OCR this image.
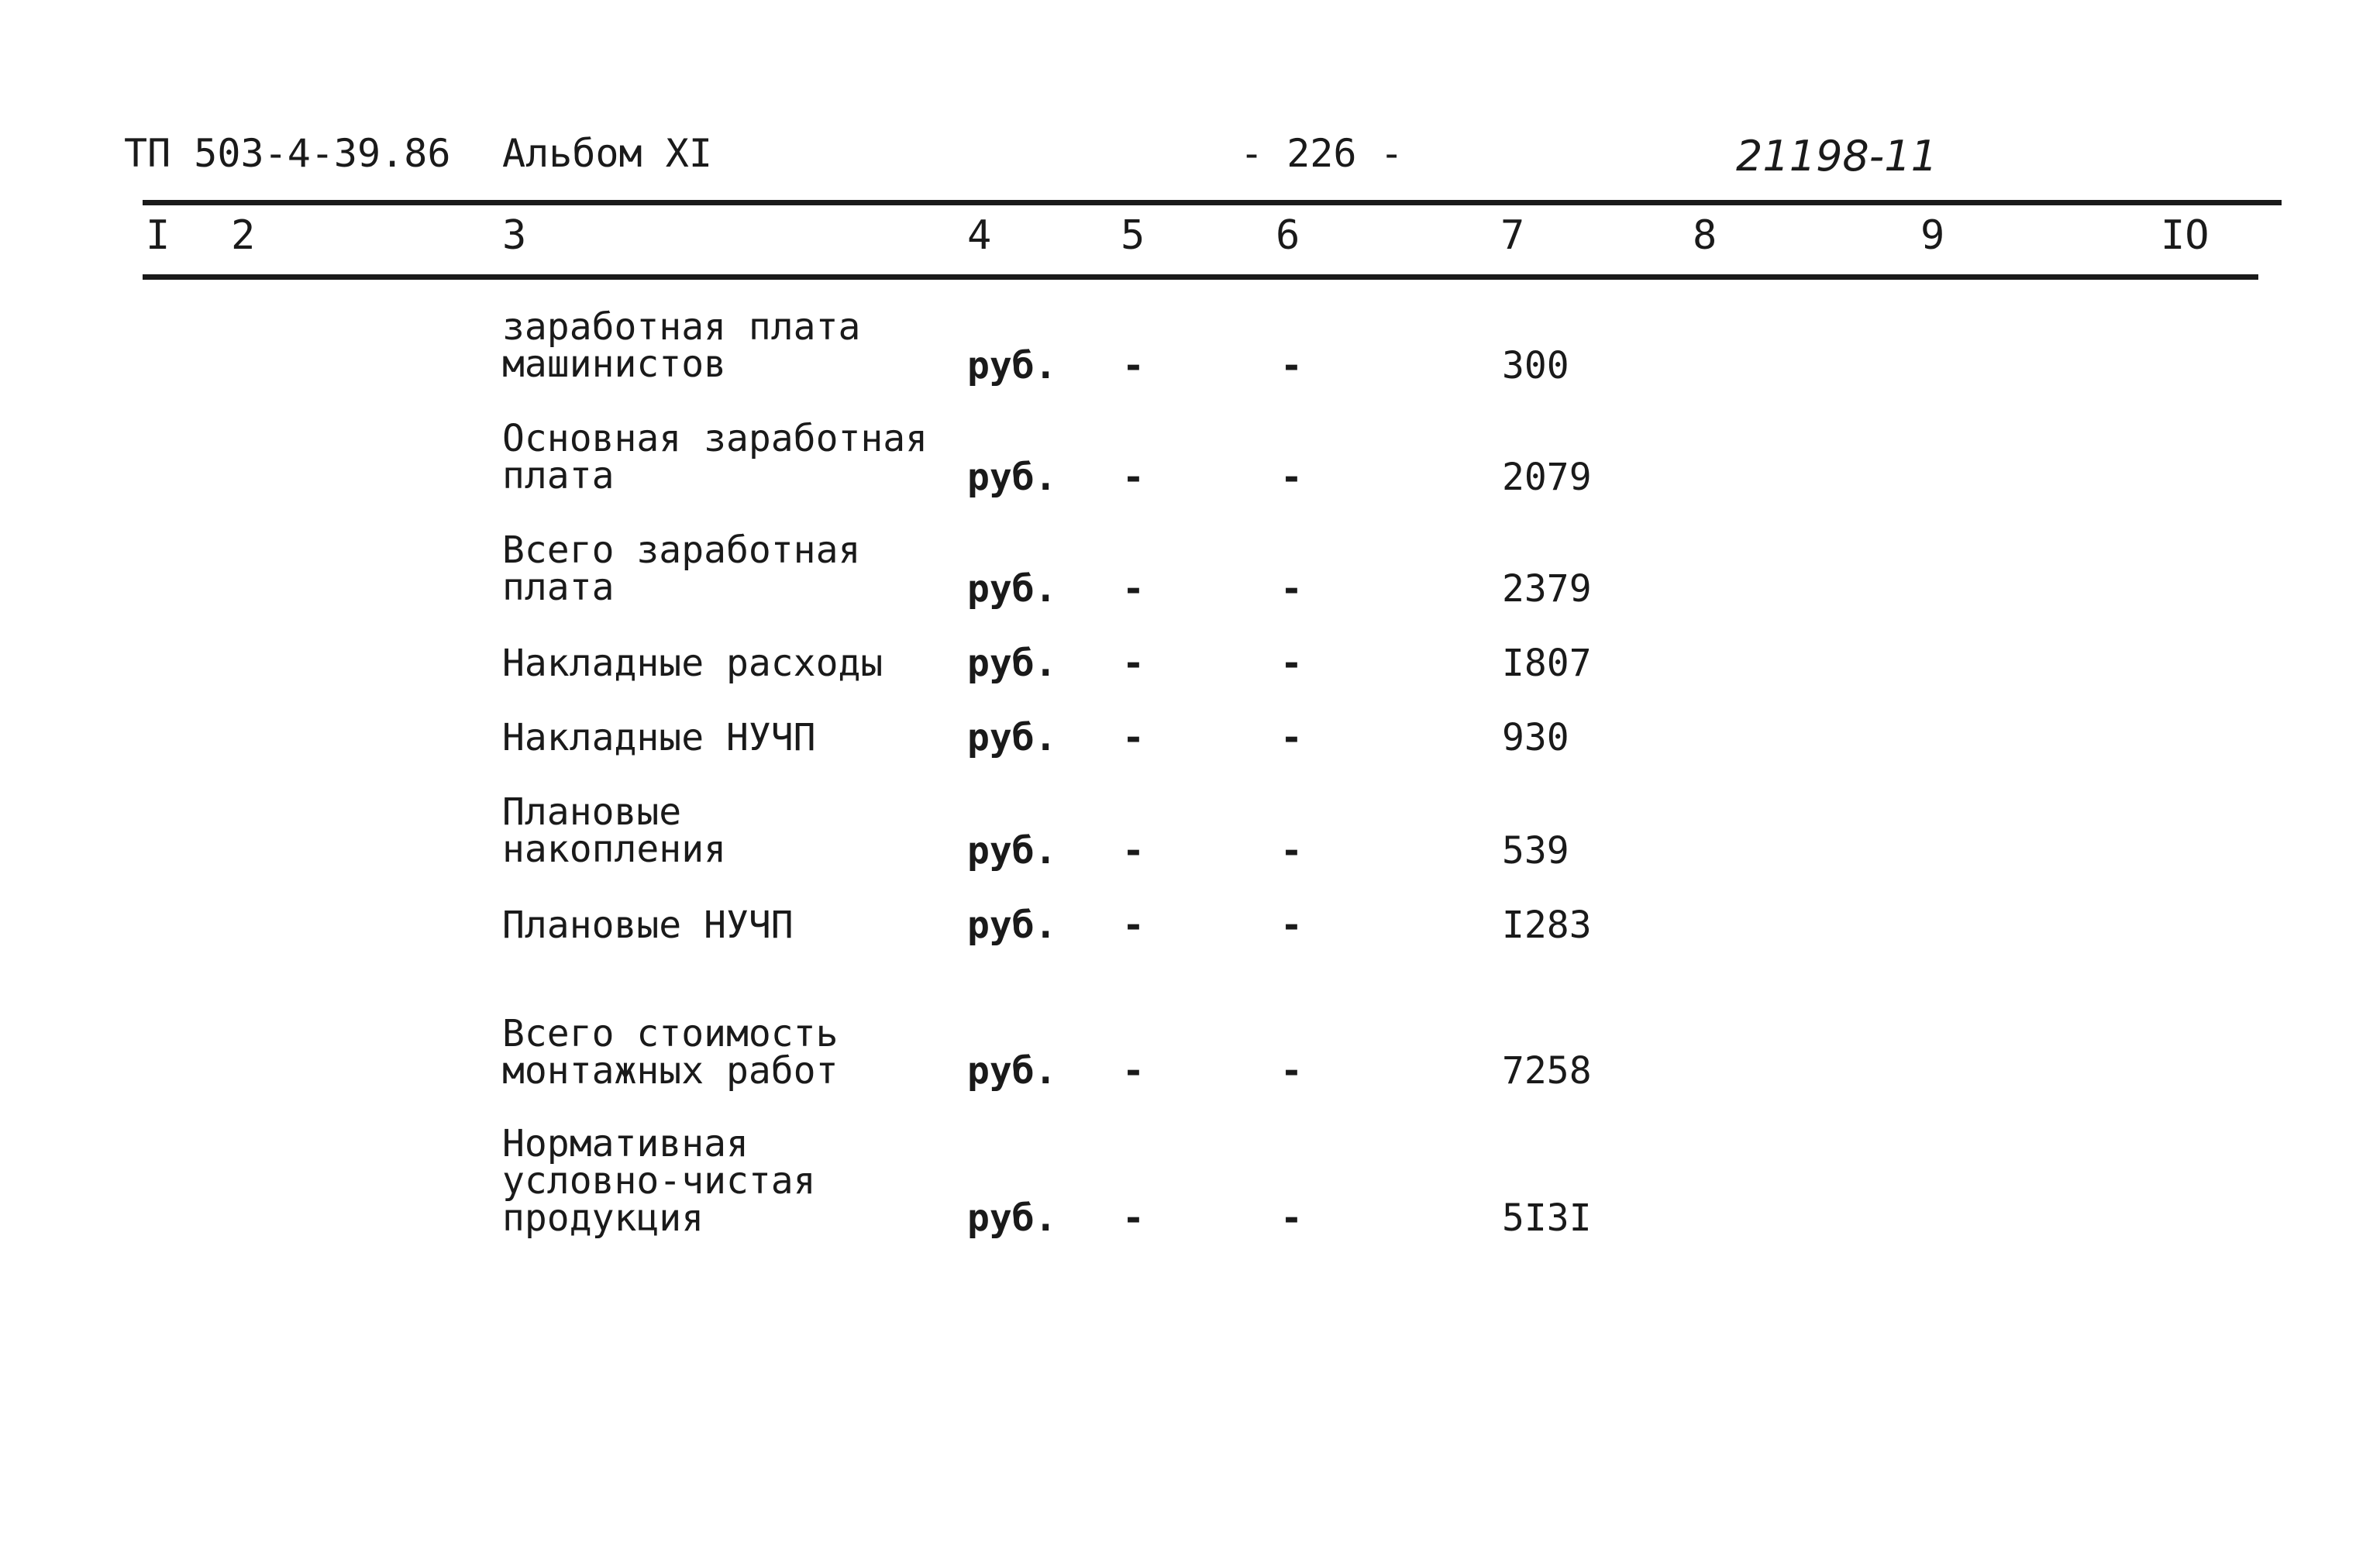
ТП 503-4-39.86 Альбом XI	- 226 -	21198-11
I 2	3	4	5	6	7	8	9	IO
заработная плата
машинистов	руб. -	-	300
Основная заработная
плата	руб. -	-	2079
Всего заработная
плата	руб. -	-	2379
Накладные расходы	руб. -	-	I807
Накладные НУЧП	руб. -	-	930
Плановые
накопления	руб. -	-	539
Плановые НУЧП	руб. -	-	I283
Всего стоимость
монтажных работ	руб. -	-	7258
Нормативная
условно-чистая
продукция	руб. -	-	5I3I
